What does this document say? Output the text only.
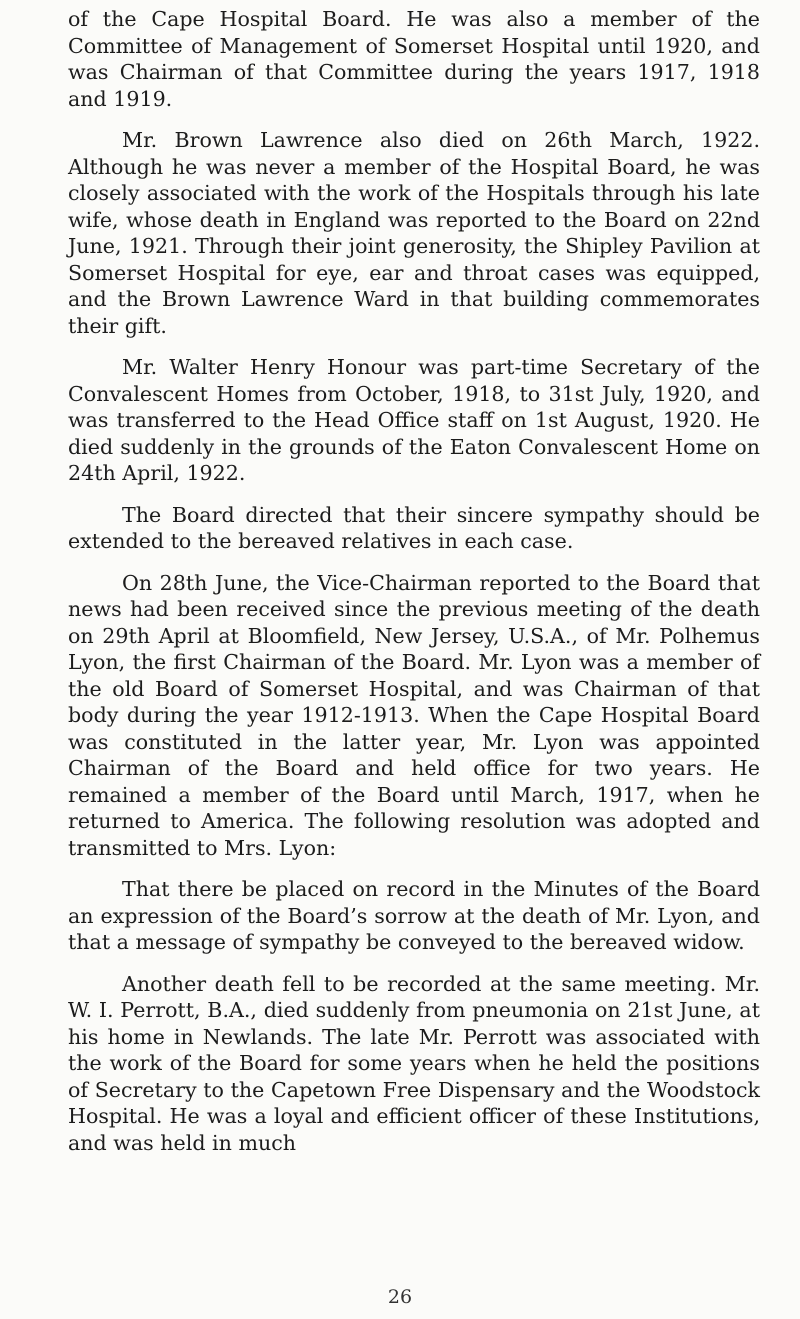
of the Cape Hospital Board. He was also a member of the Committee of Management of Somerset Hospital until 1920, and was Chairman of that Committee during the years 1917, 1918 and 1919.

Mr. Brown Lawrence also died on 26th March, 1922. Although he was never a member of the Hospital Board, he was closely associated with the work of the Hospitals through his late wife, whose death in England was reported to the Board on 22nd June, 1921. Through their joint generosity, the Shipley Pavilion at Somerset Hospital for eye, ear and throat cases was equipped, and the Brown Lawrence Ward in that building commemorates their gift.

Mr. Walter Henry Honour was part-time Secretary of the Convalescent Homes from October, 1918, to 31st July, 1920, and was transferred to the Head Office staff on 1st August, 1920. He died suddenly in the grounds of the Eaton Convalescent Home on 24th April, 1922.

The Board directed that their sincere sympathy should be extended to the bereaved relatives in each case.

On 28th June, the Vice-Chairman reported to the Board that news had been received since the previous meeting of the death on 29th April at Bloomfield, New Jersey, U.S.A., of Mr. Polhemus Lyon, the first Chairman of the Board. Mr. Lyon was a member of the old Board of Somerset Hospital, and was Chairman of that body during the year 1912-1913. When the Cape Hospital Board was constituted in the latter year, Mr. Lyon was appointed Chairman of the Board and held office for two years. He remained a member of the Board until March, 1917, when he returned to America. The following resolution was adopted and transmitted to Mrs. Lyon:

That there be placed on record in the Minutes of the Board an expression of the Board’s sorrow at the death of Mr. Lyon, and that a message of sympathy be conveyed to the bereaved widow.

Another death fell to be recorded at the same meeting. Mr. W. I. Perrott, B.A., died suddenly from pneumonia on 21st June, at his home in Newlands. The late Mr. Perrott was associated with the work of the Board for some years when he held the positions of Secretary to the Capetown Free Dispensary and the Woodstock Hospital. He was a loyal and efficient officer of these Institutions, and was held in much

26
